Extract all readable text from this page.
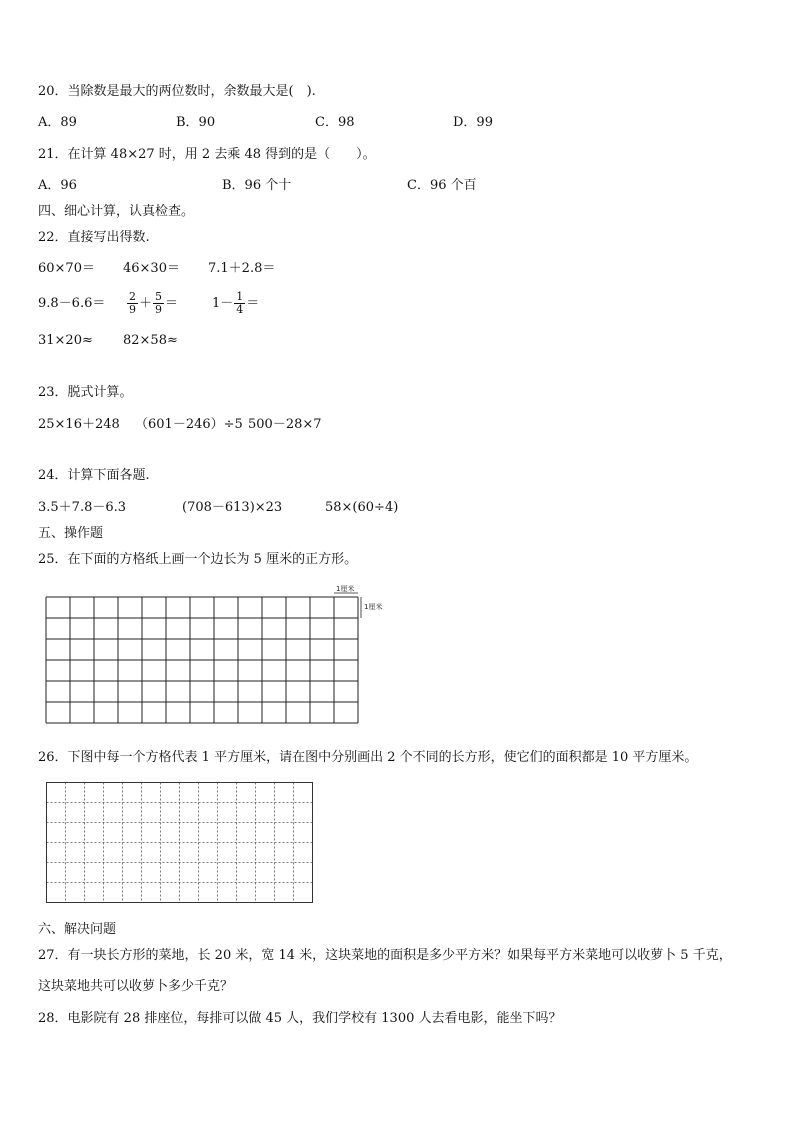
20．当除数是最大的两位数时，余数最大是(　).
A．89	B．90	C．98	D．99
21．在计算 48×27 时，用 2 去乘 48 得到的是（　　）。
A．96	B．96 个十	C．96 个百
四、细心计算，认真检查。
22．直接写出得数.
60×70＝ 46×30＝ 7.1＋2.8＝
$9.8-6.6= \frac{2}{9} + \frac{5}{9}$ ＝	$1- \frac{1}{4}$ ＝
31×20≈ 82×58≈
23．脱式计算。
25×16＋248 （601－246）÷5 500－28×7
24．计算下面各题.
3.5＋7.8－6.3	(708－613)×23	58×(60÷4)
五、操作题
25．在下面的方格纸上画一个边长为 5 厘米的正方形。
1厘米
1厘米
26．下图中每一个方格代表 1 平方厘米，请在图中分别画出 2 个不同的长方形，使它们的面积都是 10 平方厘米。
六、解决问题
27．有一块长方形的菜地，长 20 米，宽 14 米，这块菜地的面积是多少平方米？如果每平方米菜地可以收萝卜 5 千克，
这块菜地共可以收萝卜多少千克？
28．电影院有 28 排座位，每排可以做 45 人，我们学校有 1300 人去看电影，能坐下吗？
